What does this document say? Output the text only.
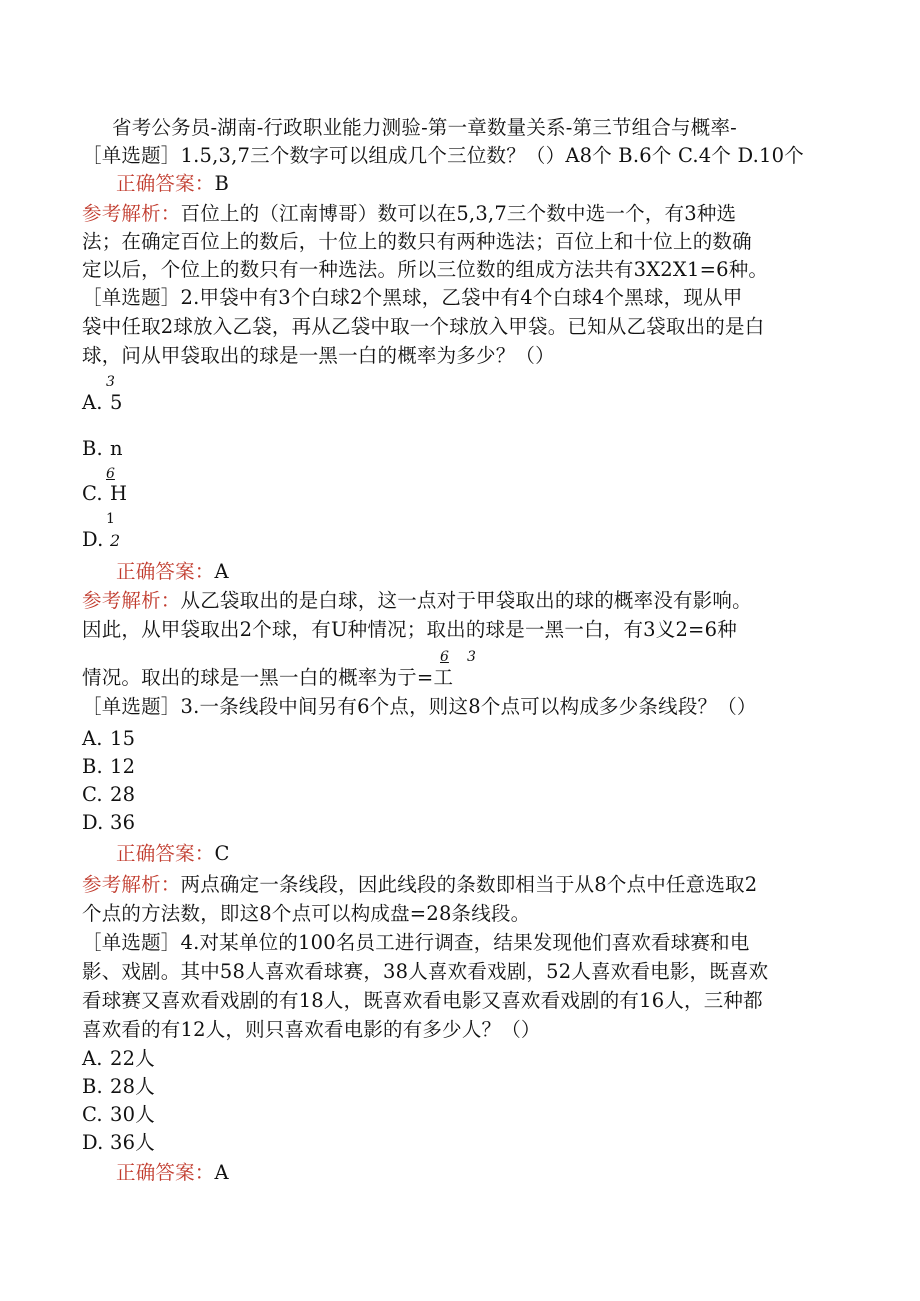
省考公务员-湖南-行政职业能力测验-第一章数量关系-第三节组合与概率-
［单选题］1.5,3,7三个数字可以组成几个三位数？（）A8个 B.6个 C.4个 D.10个
正确答案：B
参考解析：百位上的（江南博哥）数可以在5,3,7三个数中选一个，有3种选
法；在确定百位上的数后，十位上的数只有两种选法；百位上和十位上的数确
定以后，个位上的数只有一种选法。所以三位数的组成方法共有3X2X1=6种。
［单选题］2.甲袋中有3个白球2个黑球，乙袋中有4个白球4个黑球，现从甲
袋中任取2球放入乙袋，再从乙袋中取一个球放入甲袋。已知从乙袋取出的是白
球，问从甲袋取出的球是一黑一白的概率为多少？（）
3
A. 5
B. n
6
C. H
1
D. 2
正确答案：A
参考解析：从乙袋取出的是白球，这一点对于甲袋取出的球的概率没有影响。
因此，从甲袋取出2个球，有U种情况；取出的球是一黑一白，有3义2=6种
6 3
情况。取出的球是一黑一白的概率为亍=工
［单选题］3.一条线段中间另有6个点，则这8个点可以构成多少条线段？（）
A. 15
B. 12
C. 28
D. 36
正确答案：C
参考解析：两点确定一条线段，因此线段的条数即相当于从8个点中任意选取2
个点的方法数，即这8个点可以构成盘=28条线段。
［单选题］4.对某单位的100名员工进行调查，结果发现他们喜欢看球赛和电
影、戏剧。其中58人喜欢看球赛，38人喜欢看戏剧，52人喜欢看电影，既喜欢
看球赛又喜欢看戏剧的有18人，既喜欢看电影又喜欢看戏剧的有16人，三种都
喜欢看的有12人，则只喜欢看电影的有多少人？（）
A. 22人
B. 28人
C. 30人
D. 36人
正确答案：A
